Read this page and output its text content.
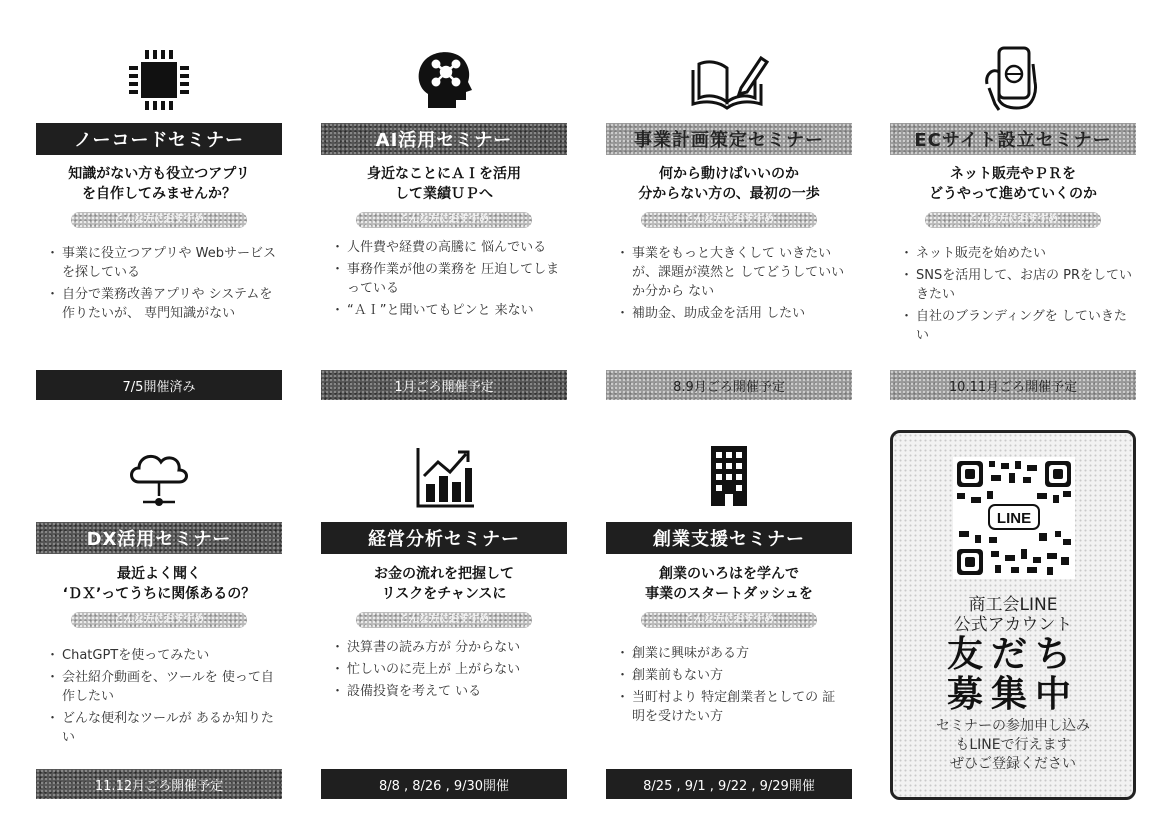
ノーコードセミナー
知識がない方も役立つアプリ
を自作してみませんか？
こんな方におすすめ
・ 事業に役立つアプリや Webサービスを探している
・ 自分で業務改善アプリや システムを作りたいが、 専門知識がない
7/5開催済み
AI活用セミナー
身近なことにＡＩを活用
して業績ＵＰへ
こんな方におすすめ
・ 人件費や経費の高騰に 悩んでいる
・ 事務作業が他の業務を 圧迫してしまっている
・ “ＡＩ”と聞いてもピンと 来ない
1月ごろ開催予定
事業計画策定セミナー
何から動けばいいのか
分からない方の、最初の一歩
こんな方におすすめ
・ 事業をもっと大きくして いきたいが、課題が漠然と してどうしていいか分から ない
・ 補助金、助成金を活用 したい
8.9月ごろ開催予定
ECサイト設立セミナー
ネット販売やＰＲを
どうやって進めていくのか
こんな方におすすめ
・ ネット販売を始めたい
・ SNSを活用して、お店の PRをしていきたい
・ 自社のブランディングを していきたい
10.11月ごろ開催予定
DX活用セミナー
最近よく聞く
‘ＤＸ’ってうちに関係あるの？
こんな方におすすめ
・ ChatGPTを使ってみたい
・ 会社紹介動画を、ツールを 使って自作したい
・ どんな便利なツールが あるか知りたい
11.12月ごろ開催予定
経営分析セミナー
お金の流れを把握して
リスクをチャンスに
こんな方におすすめ
・ 決算書の読み方が 分からない
・ 忙しいのに売上が 上がらない
・ 設備投資を考えて いる
8/8 , 8/26 , 9/30開催
創業支援セミナー
創業のいろはを学んで
事業のスタートダッシュを
こんな方におすすめ
・ 創業に興味がある方
・ 創業前もない方
・ 当町村より 特定創業者としての 証明を受けたい方
8/25 , 9/1 , 9/22 , 9/29開催
LINE
商工会LINE
公式アカウント
友だち
募集中
セミナーの参加申し込み
もLINEで行えます
ぜひご登録ください
